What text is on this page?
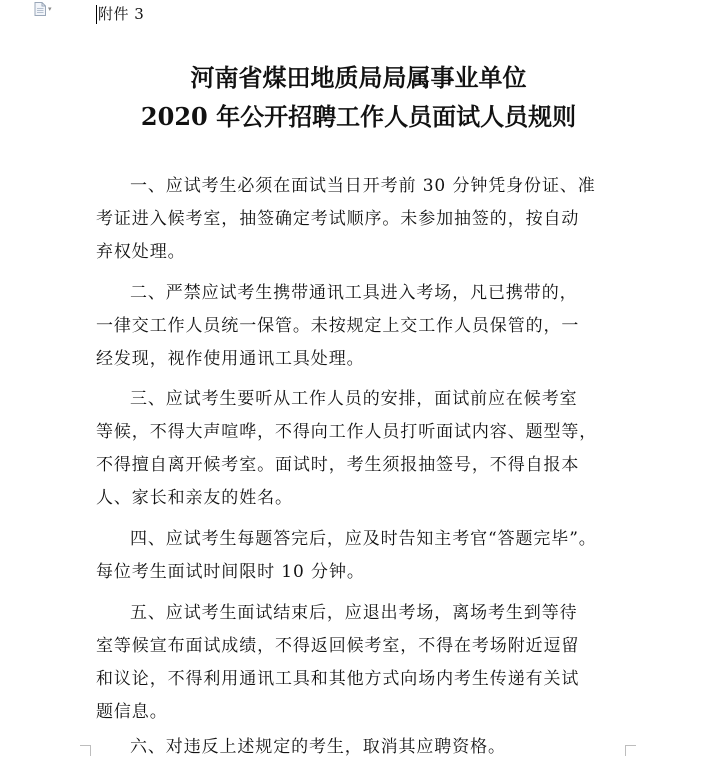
▾	附件 3
河南省煤田地质局局属事业单位
2020 年公开招聘工作人员面试人员规则
一、应试考生必须在面试当日开考前 30 分钟凭身份证、准
考证进入候考室，抽签确定考试顺序。未参加抽签的，按自动
弃权处理。
二、严禁应试考生携带通讯工具进入考场，凡已携带的，
一律交工作人员统一保管。未按规定上交工作人员保管的，一
经发现，视作使用通讯工具处理。
三、应试考生要听从工作人员的安排，面试前应在候考室
等候，不得大声喧哗，不得向工作人员打听面试内容、题型等，
不得擅自离开候考室。面试时，考生须报抽签号，不得自报本
人、家长和亲友的姓名。
四、应试考生每题答完后，应及时告知主考官“答题完毕”。
每位考生面试时间限时 10 分钟。
五、应试考生面试结束后，应退出考场，离场考生到等待
室等候宣布面试成绩，不得返回候考室，不得在考场附近逗留
和议论，不得利用通讯工具和其他方式向场内考生传递有关试
题信息。
六、对违反上述规定的考生，取消其应聘资格。
